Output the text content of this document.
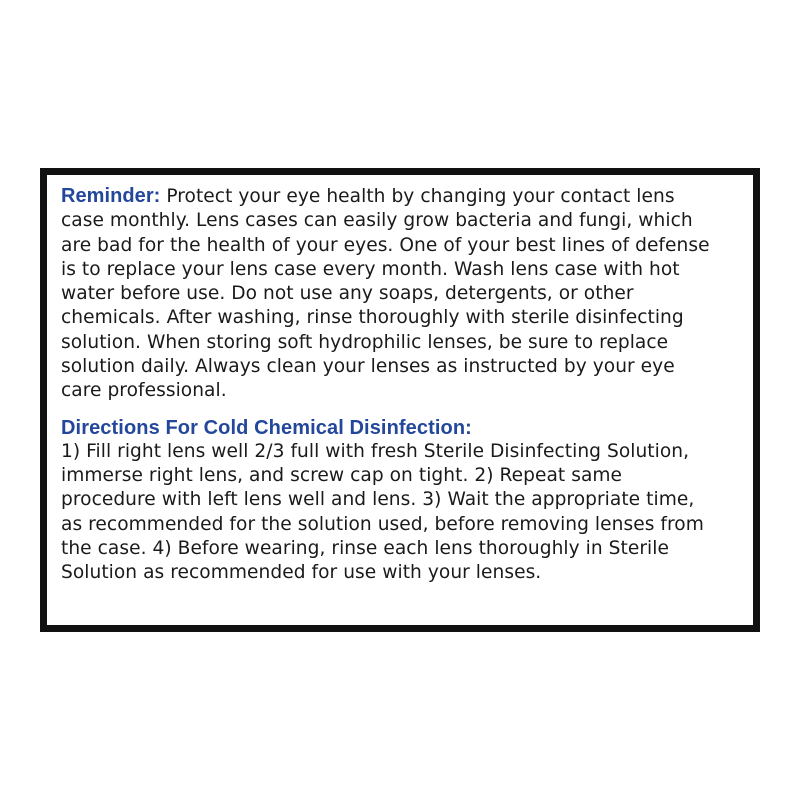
Reminder: Protect your eye health by changing your contact lens
case monthly. Lens cases can easily grow bacteria and fungi, which
are bad for the health of your eyes. One of your best lines of defense
is to replace your lens case every month. Wash lens case with hot
water before use. Do not use any soaps, detergents, or other
chemicals. After washing, rinse thoroughly with sterile disinfecting
solution. When storing soft hydrophilic lenses, be sure to replace
solution daily. Always clean your lenses as instructed by your eye
care professional.

Directions For Cold Chemical Disinfection:

1) Fill right lens well 2/3 full with fresh Sterile Disinfecting Solution,
immerse right lens, and screw cap on tight. 2) Repeat same
procedure with left lens well and lens. 3) Wait the appropriate time,
as recommended for the solution used, before removing lenses from
the case. 4) Before wearing, rinse each lens thoroughly in Sterile
Solution as recommended for use with your lenses.
